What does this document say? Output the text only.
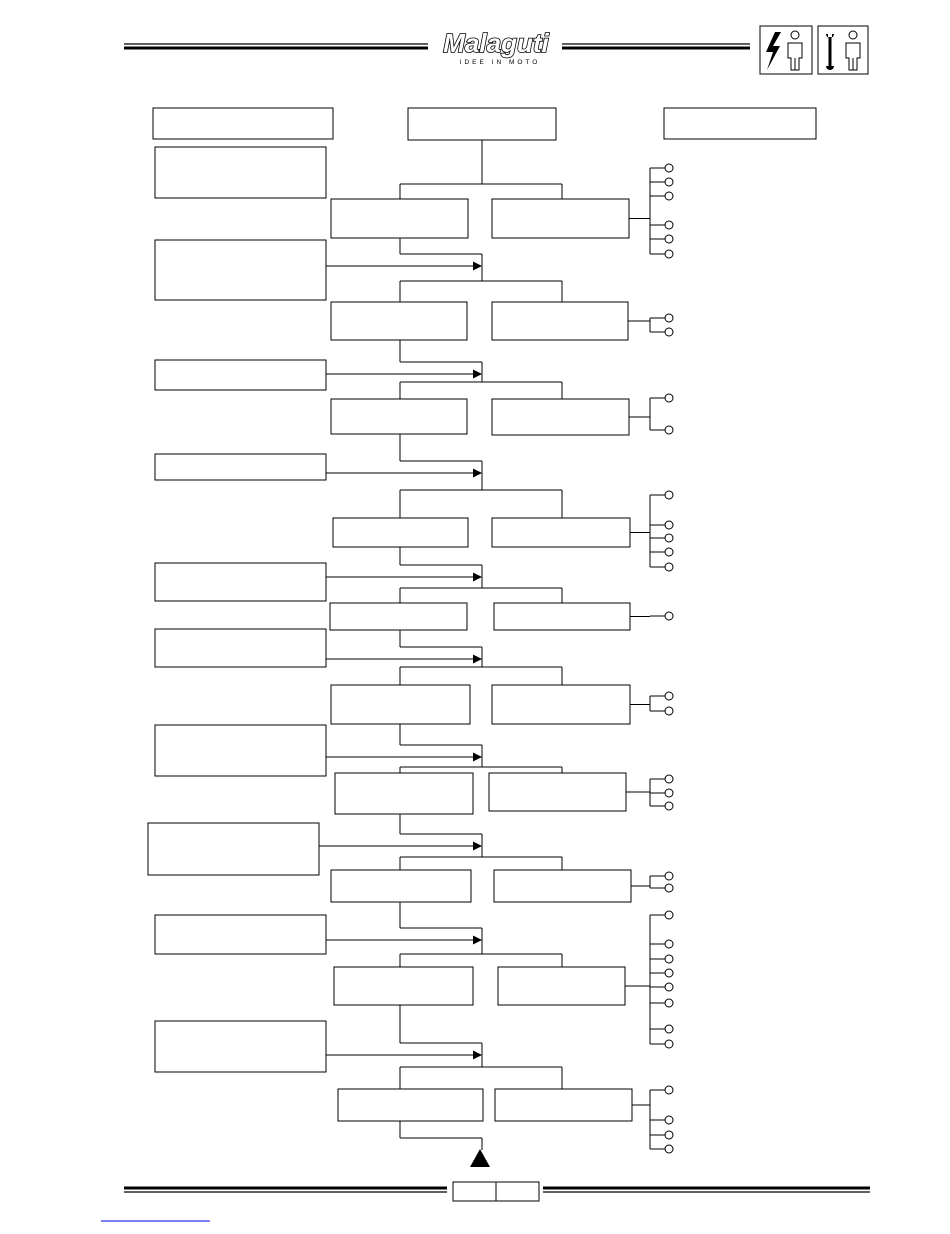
Malaguti
IDEE IN MOTO
